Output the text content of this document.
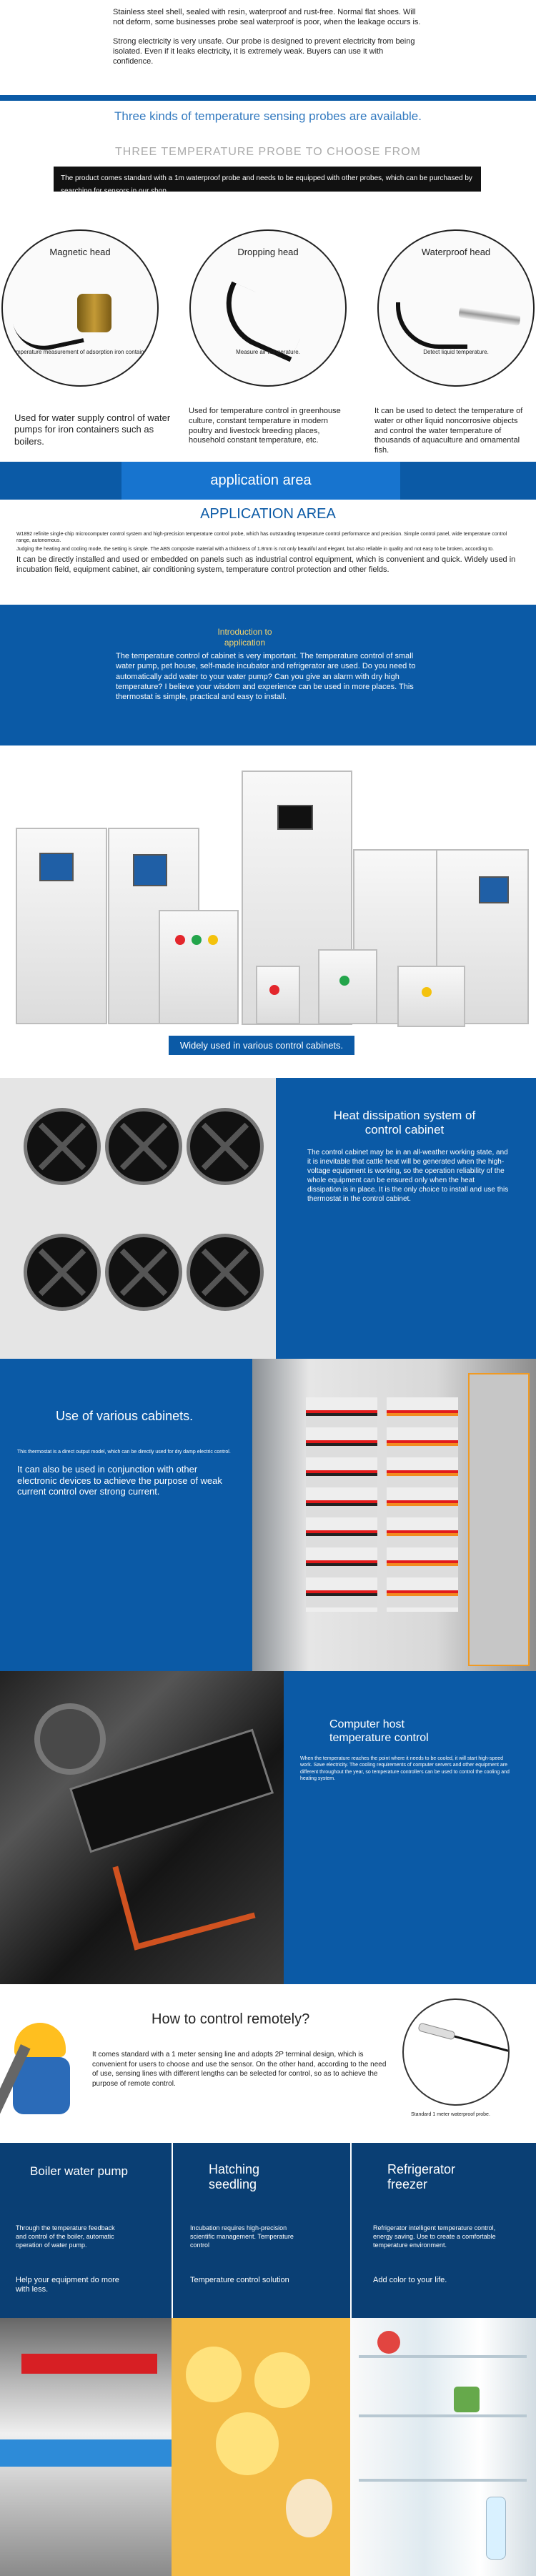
Stainless steel shell, sealed with resin, waterproof and rust-free. Normal flat shoes. Will not deform, some businesses probe seal waterproof is poor, when the leakage occurs is.
Strong electricity is very unsafe. Our probe is designed to prevent electricity from being isolated. Even if it leaks electricity, it is extremely weak. Buyers can use it with confidence.
Three kinds of temperature sensing probes are available.
THREE TEMPERATURE PROBE TO CHOOSE FROM
The product comes standard with a 1m waterproof probe and needs to be equipped with other probes, which can be purchased by searching for sensors in our shop.
Magnetic head
Temperature measurement of adsorption iron container.
Dropping head
Measure air temperature.
Waterproof head
Detect liquid temperature.
Used for water supply control of water pumps for iron containers such as boilers.
Used for temperature control in greenhouse culture, constant temperature in modern poultry and livestock breeding places, household constant temperature, etc.
It can be used to detect the temperature of water or other liquid noncorrosive objects and control the water temperature of thousands of aquaculture and ornamental fish.
application area
APPLICATION AREA
W1892 refinite single-chip microcomputer control system and high-precision temperature control probe, which has outstanding temperature control performance and precision. Simple control panel, wide temperature control range, autonomous.
Judging the heating and cooling mode, the setting is simple. The ABS composite material with a thickness of 1.8mm is not only beautiful and elegant, but also reliable in quality and not easy to be broken, according to.
It can be directly installed and used or embedded on panels such as industrial control equipment, which is convenient and quick. Widely used in incubation field, equipment cabinet, air conditioning system, temperature control protection and other fields.
Introduction to application
The temperature control of cabinet is very important. The temperature control of small water pump, pet house, self-made incubator and refrigerator are used. Do you need to automatically add water to your water pump? Can you give an alarm with dry high temperature? I believe your wisdom and experience can be used in more places. This thermostat is simple, practical and easy to install.
Widely used in various control cabinets.
Heat dissipation system of control cabinet
The control cabinet may be in an all-weather working state, and it is inevitable that cattle heat will be generated when the high-voltage equipment is working, so the operation reliability of the whole equipment can be ensured only when the heat dissipation is in place. It is the only choice to install and use this thermostat in the control cabinet.
Use of various cabinets.
This thermostat is a direct output model, which can be directly used for dry damp electric control.
It can also be used in conjunction with other electronic devices to achieve the purpose of weak current control over strong current.
Computer host temperature control
When the temperature reaches the point where it needs to be cooled, it will start high-speed work. Save electricity. The cooling requirements of computer servers and other equipment are different throughout the year, so temperature controllers can be used to control the cooling and heating system.
How to control remotely?
It comes standard with a 1 meter sensing line and adopts 2P terminal design, which is convenient for users to choose and use the sensor. On the other hand, according to the need of use, sensing lines with different lengths can be selected for control, so as to achieve the purpose of remote control.
Standard 1 meter waterproof probe.
Boiler water pump
Through the temperature feedback and control of the boiler, automatic operation of water pump.
Help your equipment do more with less.
Hatching seedling
Incubation requires high-precision scientific management. Temperature control
Temperature control solution
Refrigerator freezer
Refrigerator intelligent temperature control, energy saving. Use to create a comfortable temperature environment.
Add color to your life.
